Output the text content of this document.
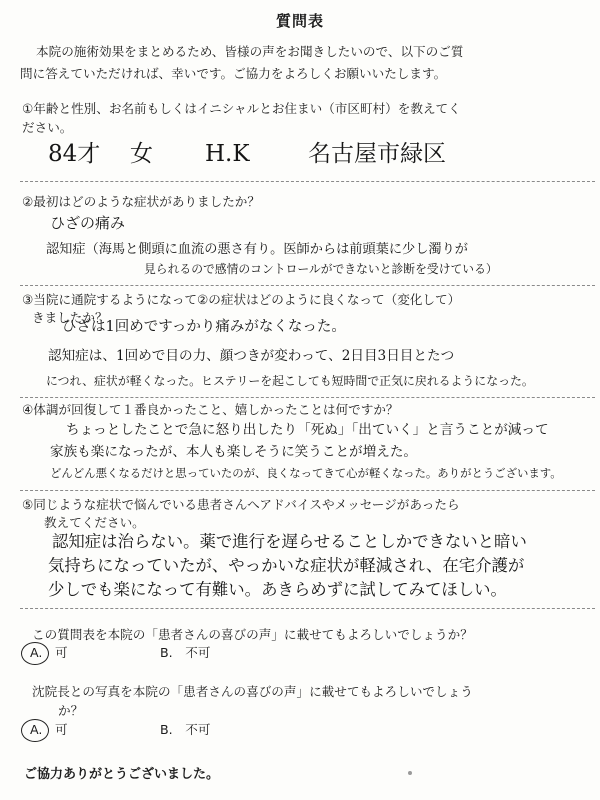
質問表
本院の施術効果をまとめるため、皆様の声をお聞きしたいので、以下のご質
問に答えていただければ、幸いです。ご協力をよろしくお願いいたします。
①年齢と性別、お名前もしくはイニシャルとお住まい（市区町村）を教えてく
ださい。
84才 女 H.K	名古屋市緑区
②最初はどのような症状がありましたか？
ひざの痛み
認知症（海馬と側頭に血流の悪さ有り。医師からは前頭葉に少し濁りが
見られるので感情のコントロールができないと診断を受けている）
③当院に通院するようになって②の症状はどのように良くなって（変化して）
きましたか？
ひざは1回めですっかり痛みがなくなった。
認知症は、1回めで目の力、顔つきが変わって、2日目3日目とたつ
につれ、症状が軽くなった。ヒステリーを起こしても短時間で正気に戻れるようになった。
④体調が回復して１番良かったこと、嬉しかったことは何ですか？
ちょっとしたことで急に怒り出したり「死ぬ」「出ていく」と言うことが減って
家族も楽になったが、本人も楽しそうに笑うことが増えた。
どんどん悪くなるだけと思っていたのが、良くなってきて心が軽くなった。ありがとうございます。
⑤同じような症状で悩んでいる患者さんへアドバイスやメッセージがあったら
教えてください。
認知症は治らない。薬で進行を遅らせることしかできないと暗い
気持ちになっていたが、やっかいな症状が軽減され、在宅介護が
少しでも楽になって有難い。あきらめずに試してみてほしい。
この質問表を本院の「患者さんの喜びの声」に載せてもよろしいでしょうか？
A.　可	B.　不可
沈院長との写真を本院の「患者さんの喜びの声」に載せてもよろしいでしょう
か？
A.　可	B.　不可
ご協力ありがとうございました。
